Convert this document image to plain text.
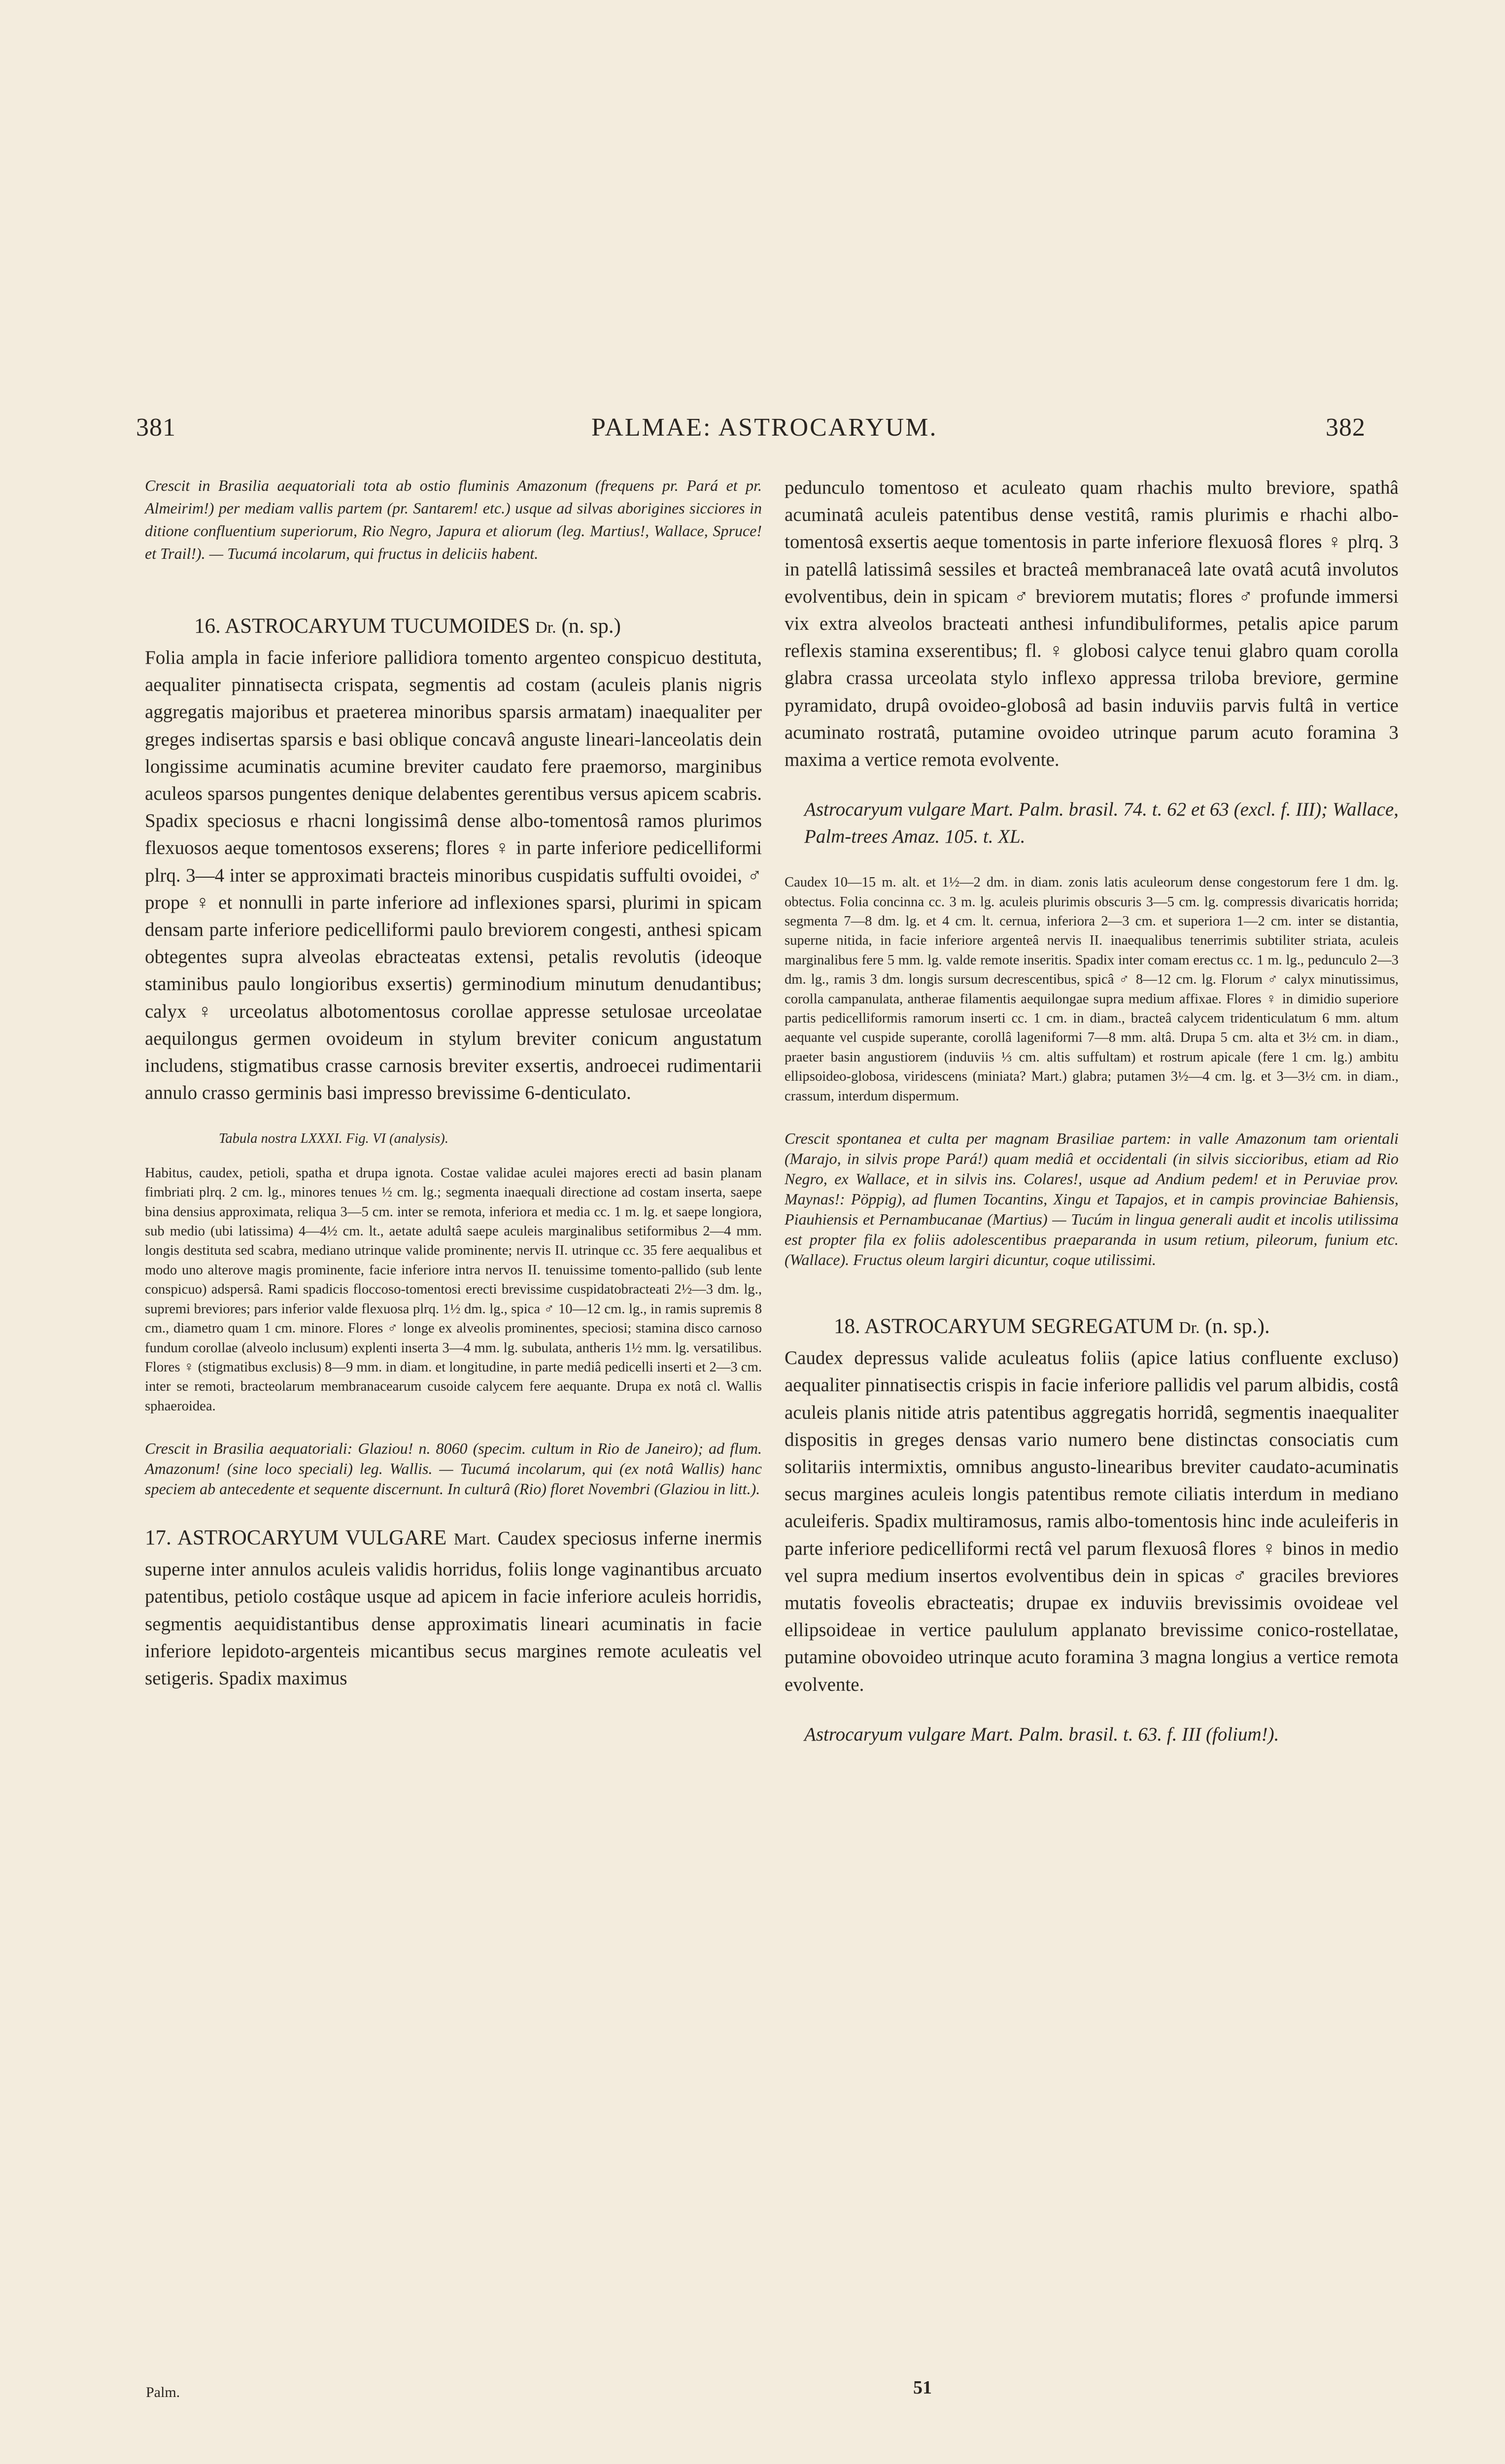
381	PALMAE: ASTROCARYUM.	382

Crescit in Brasilia aequatoriali tota ab ostio fluminis Amazonum (frequens pr. Pará et pr. Almeirim!) per mediam vallis partem (pr. Santarem! etc.) usque ad silvas aborigines sicciores in ditione confluentium superiorum, Rio Negro, Japura et aliorum (leg. Martius!, Wallace, Spruce! et Trail!). — Tucumá incolarum, qui fructus in deliciis habent.

16. ASTROCARYUM TUCUMOIDES Dr. (n. sp.)

Folia ampla in facie inferiore pallidiora tomento argenteo conspicuo destituta, aequaliter pinnatisecta crispata, segmentis ad costam (aculeis planis nigris aggregatis majoribus et praeterea minoribus sparsis armatam) inaequaliter per greges indisertas sparsis e basi oblique concavâ anguste lineari-lanceolatis dein longissime acuminatis acumine breviter caudato fere praemorso, marginibus aculeos sparsos pungentes denique delabentes gerentibus versus apicem scabris. Spadix speciosus e rhacni longissimâ dense albo-tomentosâ ramos plurimos flexuosos aeque tomentosos exserens; flores ♀ in parte inferiore pedicelliformi plrq. 3—4 inter se approximati bracteis minoribus cuspidatis suffulti ovoidei, ♂ prope ♀ et nonnulli in parte inferiore ad inflexiones sparsi, plurimi in spicam densam parte inferiore pedicelliformi paulo breviorem congesti, anthesi spicam obtegentes supra alveolas ebracteatas extensi, petalis revolutis (ideoque staminibus paulo longioribus exsertis) germinodium minutum denudantibus; calyx ♀ urceolatus albotomentosus corollae appresse setulosae urceolatae aequilongus germen ovoideum in stylum breviter conicum angustatum includens, stigmatibus crasse carnosis breviter exsertis, androecei rudimentarii annulo crasso germinis basi impresso brevissime 6-denticulato.

Tabula nostra LXXXI. Fig. VI (analysis).

Habitus, caudex, petioli, spatha et drupa ignota. Costae validae aculei majores erecti ad basin planam fimbriati plrq. 2 cm. lg., minores tenues ½ cm. lg.; segmenta inaequali directione ad costam inserta, saepe bina densius approximata, reliqua 3—5 cm. inter se remota, inferiora et media cc. 1 m. lg. et saepe longiora, sub medio (ubi latissima) 4—4½ cm. lt., aetate adultâ saepe aculeis marginalibus setiformibus 2—4 mm. longis destituta sed scabra, mediano utrinque valide prominente; nervis II. utrinque cc. 35 fere aequalibus et modo uno alterove magis prominente, facie inferiore intra nervos II. tenuissime tomento-pallido (sub lente conspicuo) adspersâ. Rami spadicis floccoso-tomentosi erecti brevissime cuspidatobracteati 2½—3 dm. lg., supremi breviores; pars inferior valde flexuosa plrq. 1½ dm. lg., spica ♂ 10—12 cm. lg., in ramis supremis 8 cm., diametro quam 1 cm. minore. Flores ♂ longe ex alveolis prominentes, speciosi; stamina disco carnoso fundum corollae (alveolo inclusum) explenti inserta 3—4 mm. lg. subulata, antheris 1½ mm. lg. versatilibus. Flores ♀ (stigmatibus exclusis) 8—9 mm. in diam. et longitudine, in parte mediâ pedicelli inserti et 2—3 cm. inter se remoti, bracteolarum membranacearum cusoide calycem fere aequante. Drupa ex notâ cl. Wallis sphaeroidea.

Crescit in Brasilia aequatoriali: Glaziou! n. 8060 (specim. cultum in Rio de Janeiro); ad flum. Amazonum! (sine loco speciali) leg. Wallis. — Tucumá incolarum, qui (ex notâ Wallis) hanc speciem ab antecedente et sequente discernunt. In culturâ (Rio) floret Novembri (Glaziou in litt.).

17. ASTROCARYUM VULGARE Mart. Caudex speciosus inferne inermis superne inter annulos aculeis validis horridus, foliis longe vaginantibus arcuato patentibus, petiolo costâque usque ad apicem in facie inferiore aculeis horridis, segmentis aequidistantibus dense approximatis lineari acuminatis in facie inferiore lepidoto-argenteis micantibus secus margines remote aculeatis vel setigeris. Spadix maximus

pedunculo tomentoso et aculeato quam rhachis multo breviore, spathâ acuminatâ aculeis patentibus dense vestitâ, ramis plurimis e rhachi albo-tomentosâ exsertis aeque tomentosis in parte inferiore flexuosâ flores ♀ plrq. 3 in patellâ latissimâ sessiles et bracteâ membranaceâ late ovatâ acutâ involutos evolventibus, dein in spicam ♂ breviorem mutatis; flores ♂ profunde immersi vix extra alveolos bracteati anthesi infundibuliformes, petalis apice parum reflexis stamina exserentibus; fl. ♀ globosi calyce tenui glabro quam corolla glabra crassa urceolata stylo inflexo appressa triloba breviore, germine pyramidato, drupâ ovoideo-globosâ ad basin induviis parvis fultâ in vertice acuminato rostratâ, putamine ovoideo utrinque parum acuto foramina 3 maxima a vertice remota evolvente.

Astrocaryum vulgare Mart. Palm. brasil. 74. t. 62 et 63 (excl. f. III); Wallace, Palm-trees Amaz. 105. t. XL.

Caudex 10—15 m. alt. et 1½—2 dm. in diam. zonis latis aculeorum dense congestorum fere 1 dm. lg. obtectus. Folia concinna cc. 3 m. lg. aculeis plurimis obscuris 3—5 cm. lg. compressis divaricatis horrida; segmenta 7—8 dm. lg. et 4 cm. lt. cernua, inferiora 2—3 cm. et superiora 1—2 cm. inter se distantia, superne nitida, in facie inferiore argenteâ nervis II. inaequalibus tenerrimis subtiliter striata, aculeis marginalibus fere 5 mm. lg. valde remote inseritis. Spadix inter comam erectus cc. 1 m. lg., pedunculo 2—3 dm. lg., ramis 3 dm. longis sursum decrescentibus, spicâ ♂ 8—12 cm. lg. Florum ♂ calyx minutissimus, corolla campanulata, antherae filamentis aequilongae supra medium affixae. Flores ♀ in dimidio superiore partis pedicelliformis ramorum inserti cc. 1 cm. in diam., bracteâ calycem tridenticulatum 6 mm. altum aequante vel cuspide superante, corollâ lageniformi 7—8 mm. altâ. Drupa 5 cm. alta et 3½ cm. in diam., praeter basin angustiorem (induviis ⅓ cm. altis suffultam) et rostrum apicale (fere 1 cm. lg.) ambitu ellipsoideo-globosa, viridescens (miniata? Mart.) glabra; putamen 3½—4 cm. lg. et 3—3½ cm. in diam., crassum, interdum dispermum.

Crescit spontanea et culta per magnam Brasiliae partem: in valle Amazonum tam orientali (Marajo, in silvis prope Pará!) quam mediâ et occidentali (in silvis siccioribus, etiam ad Rio Negro, ex Wallace, et in silvis ins. Colares!, usque ad Andium pedem! et in Peruviae prov. Maynas!: Pöppig), ad flumen Tocantins, Xingu et Tapajos, et in campis provinciae Bahiensis, Piauhiensis et Pernambucanae (Martius) — Tucúm in lingua generali audit et incolis utilissima est propter fila ex foliis adolescentibus praeparanda in usum retium, pileorum, funium etc. (Wallace). Fructus oleum largiri dicuntur, coque utilissimi.

18. ASTROCARYUM SEGREGATUM Dr. (n. sp.).

Caudex depressus valide aculeatus foliis (apice latius confluente excluso) aequaliter pinnatisectis crispis in facie inferiore pallidis vel parum albidis, costâ aculeis planis nitide atris patentibus aggregatis horridâ, segmentis inaequaliter dispositis in greges densas vario numero bene distinctas consociatis cum solitariis intermixtis, omnibus angusto-linearibus breviter caudato-acuminatis secus margines aculeis longis patentibus remote ciliatis interdum in mediano aculeiferis. Spadix multiramosus, ramis albo-tomentosis hinc inde aculeiferis in parte inferiore pedicelliformi rectâ vel parum flexuosâ flores ♀ binos in medio vel supra medium insertos evolventibus dein in spicas ♂ graciles breviores mutatis foveolis ebracteatis; drupae ex induviis brevissimis ovoideae vel ellipsoideae in vertice paululum applanato brevissime conico-rostellatae, putamine obovoideo utrinque acuto foramina 3 magna longius a vertice remota evolvente.

Astrocaryum vulgare Mart. Palm. brasil. t. 63. f. III (folium!).

Palm.	51
